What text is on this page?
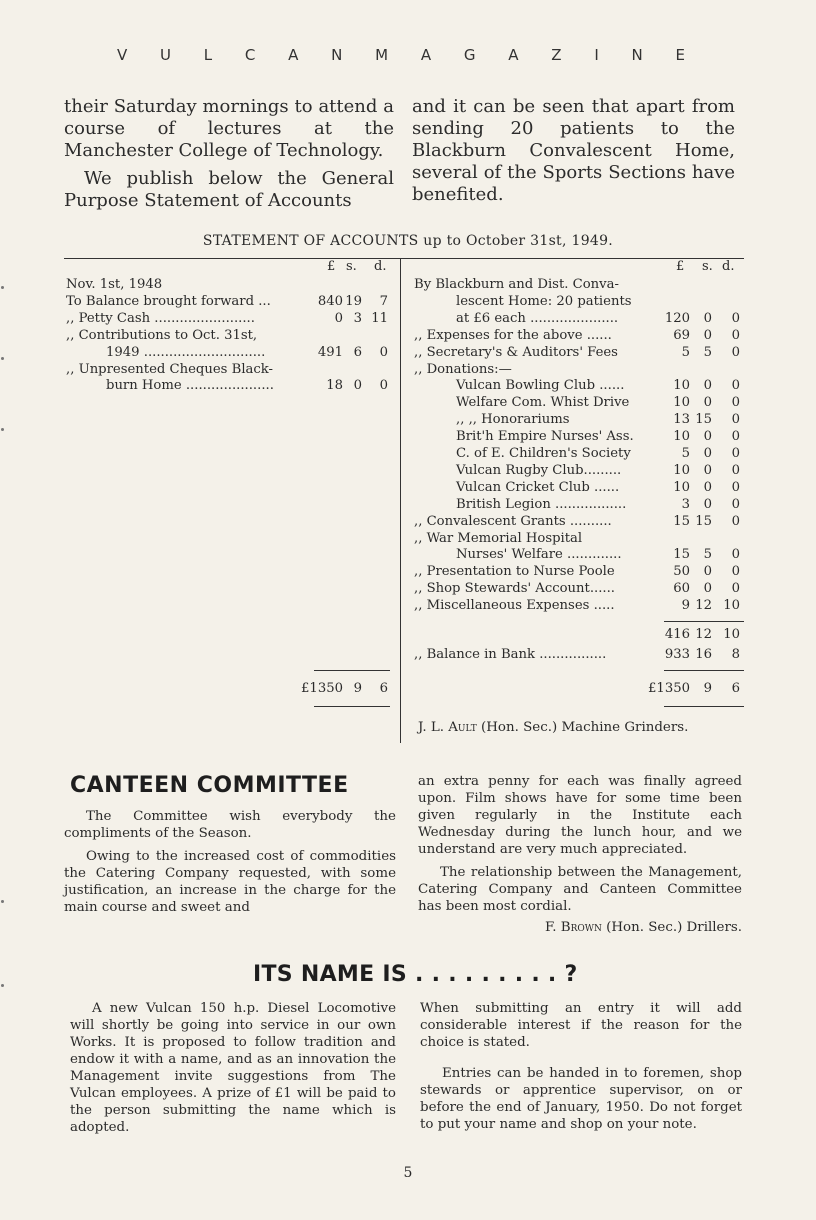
V U L C A N M A G A Z I N E

their Saturday mornings to attend a course of lectures at the Manchester College of Technology.

We publish below the General Purpose Statement of Accounts

and it can be seen that apart from sending 20 patients to the Blackburn Convalescent Home, several of the Sports Sections have benefited.

STATEMENT OF ACCOUNTS up to October 31st, 1949.
£ s. d.	£ s. d.
Nov. 1st, 1948
To Balance brought forward ...	840 19	7
,, Petty Cash ........................	0 3 11
,, Contributions to Oct. 31st,
1949 .............................	491 6	0
,, Unpresented Cheques Black-
burn Home .....................	18 0	0
£1350 9	6
By Blackburn and Dist. Conva-
lescent Home: 20 patients
at £6 each .....................	120	0	0
,, Expenses for the above ......	69	0	0
,, Secretary's & Auditors' Fees	5	5	0
,, Donations:—
Vulcan Bowling Club ......	10	0	0
Welfare Com. Whist Drive	10	0	0
,, ,, Honorariums	13 15	0
Brit'h Empire Nurses' Ass.	10	0	0
C. of E. Children's Society	5	0	0
Vulcan Rugby Club.........	10	0	0
Vulcan Cricket Club ......	10	0	0
British Legion .................	3	0	0
,, Convalescent Grants ..........	15 15	0
,, War Memorial Hospital
Nurses' Welfare .............	15	5	0
,, Presentation to Nurse Poole	50	0	0
,, Shop Stewards' Account......	60	0	0
,, Miscellaneous Expenses .....	9 12 10
416 12 10
,, Balance in Bank ................	933 16	8
£1350	9	6
J. L. Ault (Hon. Sec.) Machine Grinders.
CANTEEN COMMITTEE

The Committee wish everybody the compliments of the Season.

Owing to the increased cost of commodities the Catering Company requested, with some justification, an increase in the charge for the main course and sweet and

an extra penny for each was finally agreed upon. Film shows have for some time been given regularly in the Institute each Wednesday during the lunch hour, and we understand are very much appreciated.

The relationship between the Management, Catering Company and Canteen Committee has been most cordial.

F. Brown (Hon. Sec.) Drillers.
ITS NAME IS . . . . . . . . . ?

A new Vulcan 150 h.p. Diesel Locomotive will shortly be going into service in our own Works. It is proposed to follow tradition and endow it with a name, and as an innovation the Management invite suggestions from The Vulcan employees. A prize of £1 will be paid to the person submitting the name which is adopted.

When submitting an entry it will add considerable interest if the reason for the choice is stated.

Entries can be handed in to foremen, shop stewards or apprentice supervisor, on or before the end of January, 1950. Do not forget to put your name and shop on your note.

5
